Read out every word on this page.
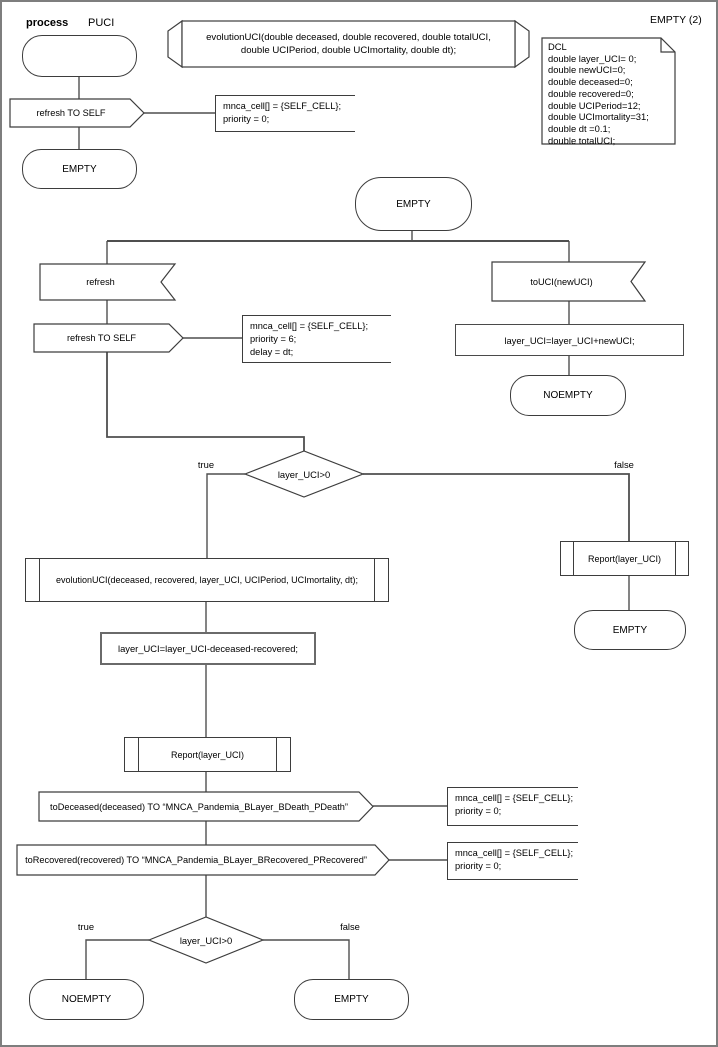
process PUCI	EMPTY (2)
refresh TO SELF
mnca_cell[] = {SELF_CELL};
priority = 0;
EMPTY
evolutionUCI(double deceased, double recovered, double totalUCI,
double UCIPeriod, double UCImortality, double dt);	DCL
double layer_UCI= 0;
double newUCI=0;
double deceased=0;
double recovered=0;
double UCIPeriod=12;
double UCImortality=31;
double dt =0.1;
double totalUCI;
EMPTY
refresh
refresh TO SELF
mnca_cell[] = {SELF_CELL};
priority = 6;
delay = dt;
toUCI(newUCI)
layer_UCI=layer_UCI+newUCI;
NOEMPTY
layer_UCI>0
true	false
Report(layer_UCI)
EMPTY
evolutionUCI(deceased, recovered, layer_UCI, UCIPeriod, UCImortality, dt);
layer_UCI=layer_UCI-deceased-recovered;
Report(layer_UCI)
toDeceased(deceased) TO “MNCA_Pandemia_BLayer_BDeath_PDeath”
mnca_cell[] = {SELF_CELL};
priority = 0;
toRecovered(recovered) TO “MNCA_Pandemia_BLayer_BRecovered_PRecovered”
mnca_cell[] = {SELF_CELL};
priority = 0;
layer_UCI>0
true	false
NOEMPTY	EMPTY
